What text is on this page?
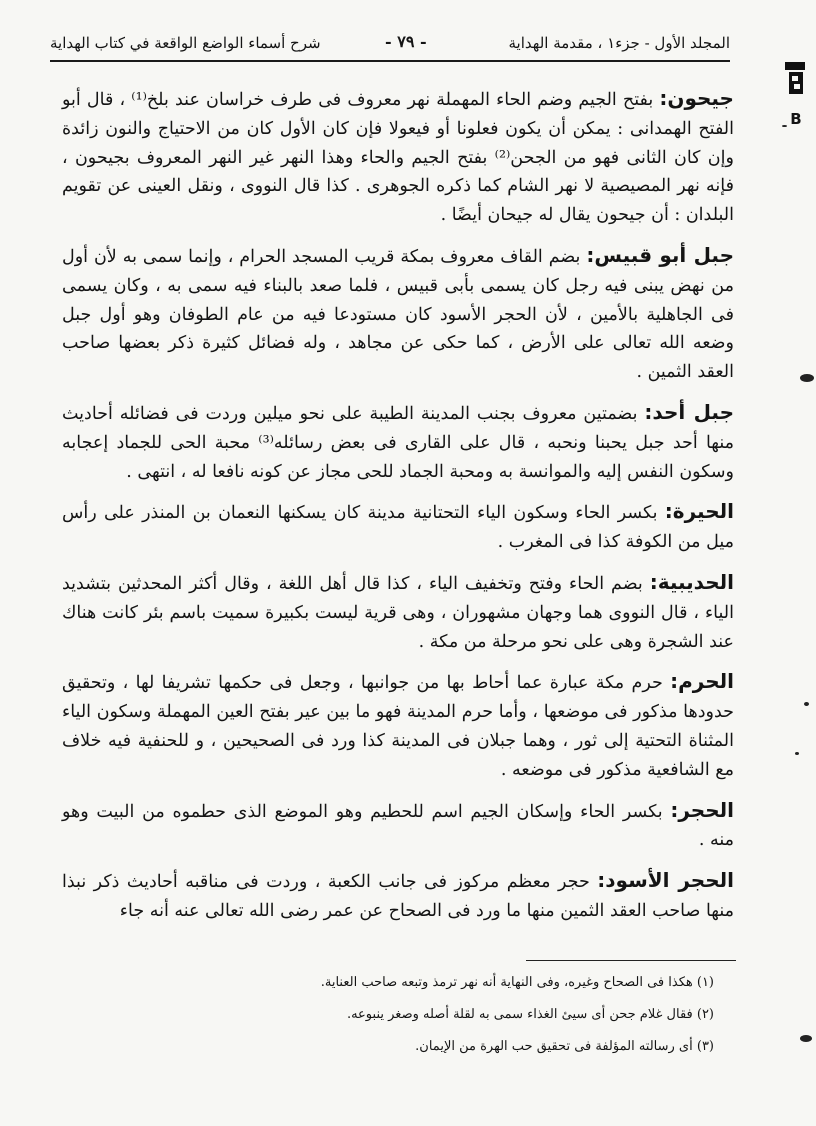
المجلد الأول - جزء١ ، مقدمة الهداية
- ٧٩ -
شرح أسماء الواضع الواقعة في كتاب الهداية
B

جيحون: بفتح الجيم وضم الحاء المهملة نهر معروف فى طرف خراسان عند بلخ⁽¹⁾ ، قال أبو الفتح الهمدانى : يمكن أن يكون فعلونا أو فيعولا فإن كان الأول كان من الاحتياج والنون زائدة وإن كان الثانى فهو من الجحن⁽²⁾ بفتح الجيم والحاء وهذا النهر غير النهر المعروف بجيحون ، فإنه نهر المصيصية لا نهر الشام كما ذكره الجوهرى . كذا قال النووى ، ونقل العينى عن تقويم البلدان : أن جيحون يقال له جيحان أيضًا .

جبل أبو قبيس: بضم القاف معروف بمكة قريب المسجد الحرام ، وإنما سمى به لأن أول من نهض يبنى فيه رجل كان يسمى بأبى قبيس ، فلما صعد بالبناء فيه سمى به ، وكان يسمى فى الجاهلية بالأمين ، لأن الحجر الأسود كان مستودعا فيه من عام الطوفان وهو أول جبل وضعه الله تعالى على الأرض ، كما حكى عن مجاهد ، وله فضائل كثيرة ذكر بعضها صاحب العقد الثمين .

جبل أحد: بضمتين معروف بجنب المدينة الطيبة على نحو ميلين وردت فى فضائله أحاديث منها أحد جبل يحبنا ونحبه ، قال على القارى فى بعض رسائله⁽³⁾ محبة الحى للجماد إعجابه وسكون النفس إليه والموانسة به ومحبة الجماد للحى مجاز عن كونه نافعا له ، انتهى .

الحيرة: بكسر الحاء وسكون الياء التحتانية مدينة كان يسكنها النعمان بن المنذر على رأس ميل من الكوفة كذا فى المغرب .

الحديبية: بضم الحاء وفتح وتخفيف الياء ، كذا قال أهل اللغة ، وقال أكثر المحدثين بتشديد الياء ، قال النووى هما وجهان مشهوران ، وهى قرية ليست بكبيرة سميت باسم بئر كانت هناك عند الشجرة وهى على نحو مرحلة من مكة .

الحرم: حرم مكة عبارة عما أحاط بها من جوانبها ، وجعل فى حكمها تشريفا لها ، وتحقيق حدودها مذكور فى موضعها ، وأما حرم المدينة فهو ما بين عير بفتح العين المهملة وسكون الياء المثناة التحتية إلى ثور ، وهما جبلان فى المدينة كذا ورد فى الصحيحين ، و للحنفية فيه خلاف مع الشافعية مذكور فى موضعه .

الحجر: بكسر الحاء وإسكان الجيم اسم للحطيم وهو الموضع الذى حطموه من البيت وهو منه .

الحجر الأسود: حجر معظم مركوز فى جانب الكعبة ، وردت فى مناقبه أحاديث ذكر نبذا منها صاحب العقد الثمين منها ما ورد فى الصحاح عن عمر رضى الله تعالى عنه أنه جاء

(١) هكذا فى الصحاح وغيره، وفى النهاية أنه نهر ترمذ وتبعه صاحب العناية.
(٢) فقال غلام جحن أى سيئ الغذاء سمى به لقلة أصله وصغر ينبوعه.
(٣) أى رسالته المؤلفة فى تحقيق حب الهرة من الإيمان.
